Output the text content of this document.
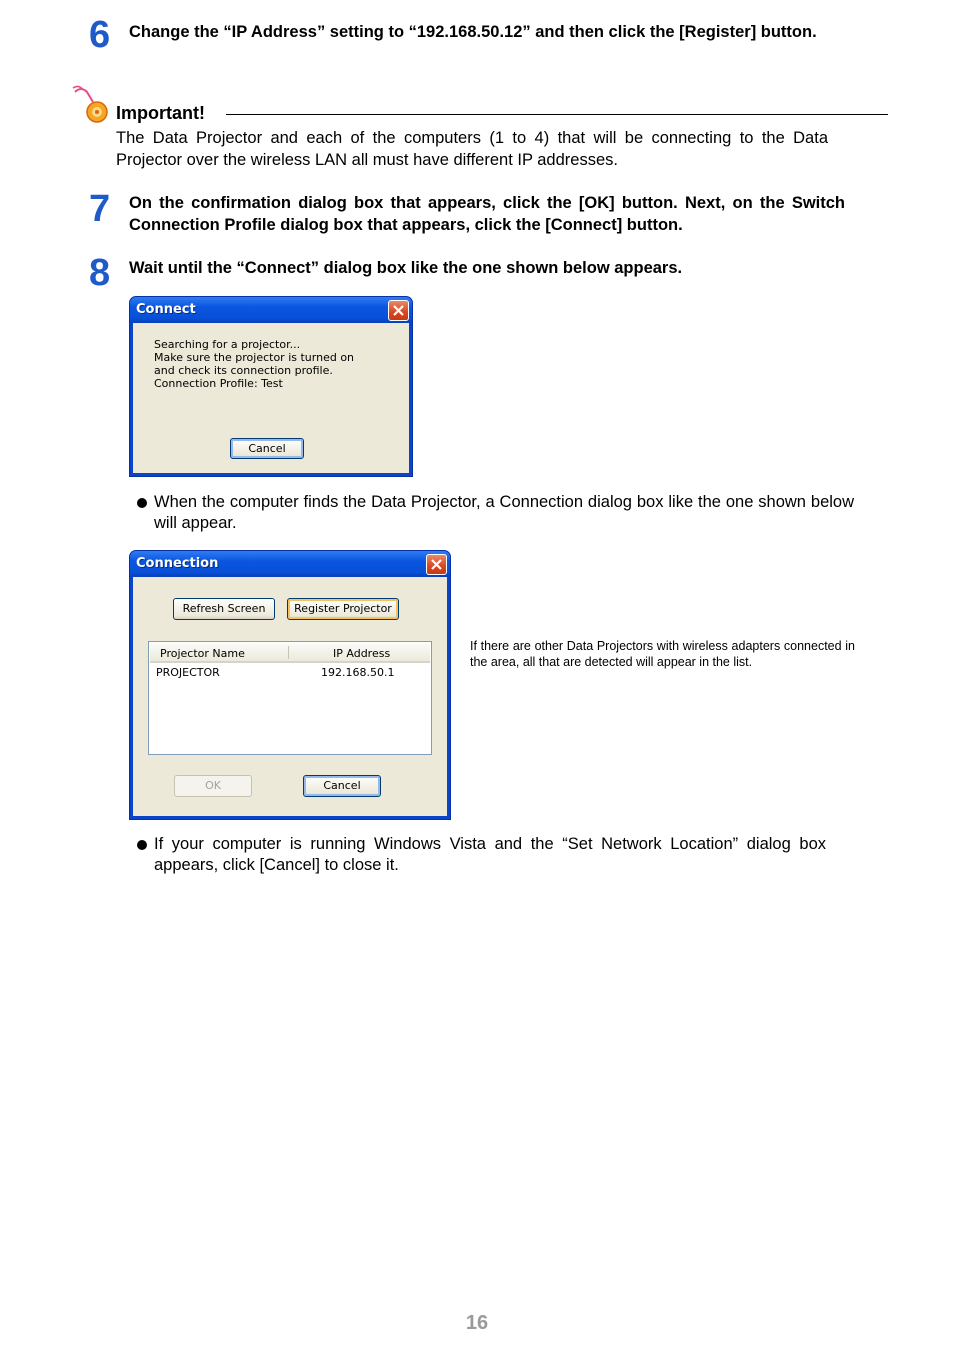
6 Change the “IP Address” setting to “192.168.50.12” and then click the [Register] button.
Important!
The Data Projector and each of the computers (1 to 4) that will be connecting to the Data Projector over the wireless LAN all must have different IP addresses.
7 On the confirmation dialog box that appears, click the [OK] button. Next, on the Switch Connection Profile dialog box that appears, click the [Connect] button.
8 Wait until the “Connect” dialog box like the one shown below appears.
Connect
Searching for a projector...
Make sure the projector is turned on
and check its connection profile.
Connection Profile: Test
Cancel
When the computer finds the Data Projector, a Connection dialog box like the one shown below will appear.
Connection
Refresh Screen	Register Projector
Projector Name	IP Address
PROJECTOR	192.168.50.1
OK	Cancel
If there are other Data Projectors with wireless adapters connected in the area, all that are detected will appear in the list.
If your computer is running Windows Vista and the “Set Network Location” dialog box appears, click [Cancel] to close it.
16
